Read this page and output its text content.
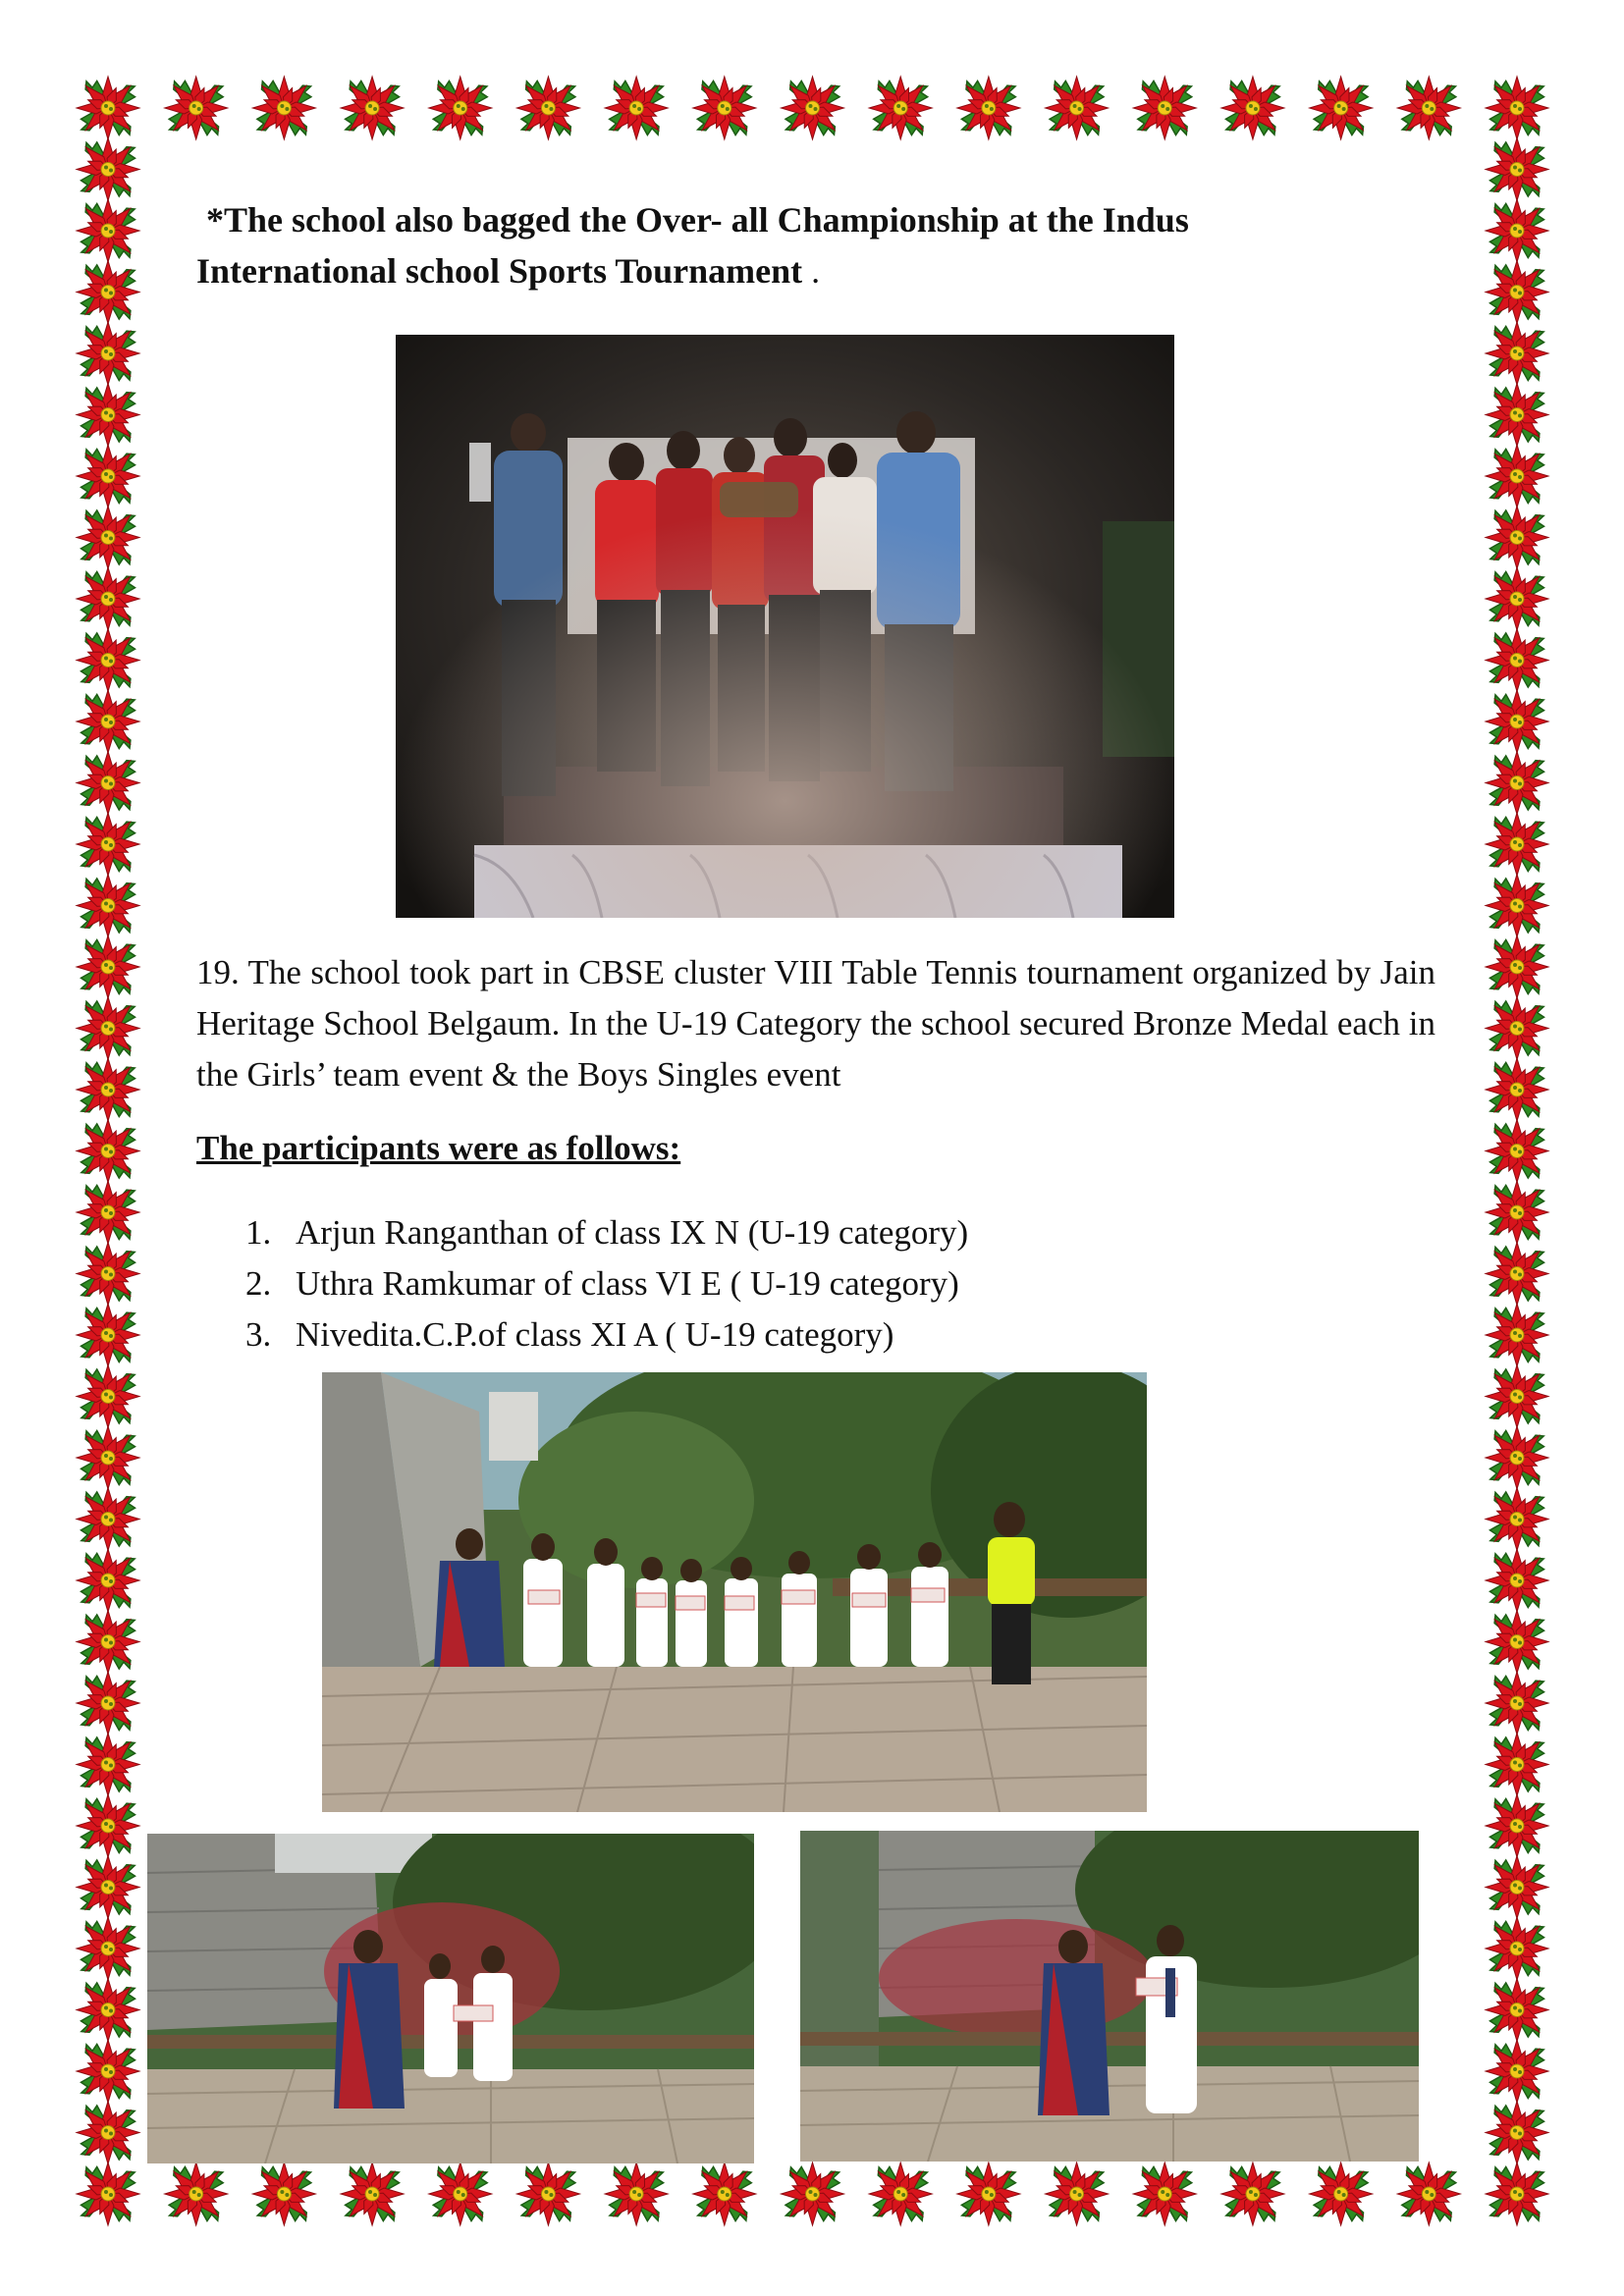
*The school also bagged the Over- all Championship at the Indus
International school Sports Tournament .

19. The school took part in CBSE cluster VIII Table Tennis tournament organized by Jain Heritage School Belgaum. In the U-19 Category the school secured Bronze Medal each in the Girls’ team event & the Boys Singles event

The participants were as follows:

1. Arjun Ranganthan of class IX N (U-19 category)
2. Uthra Ramkumar of class VI E ( U-19 category)
3. Nivedita.C.P.of class XI A ( U-19 category)
